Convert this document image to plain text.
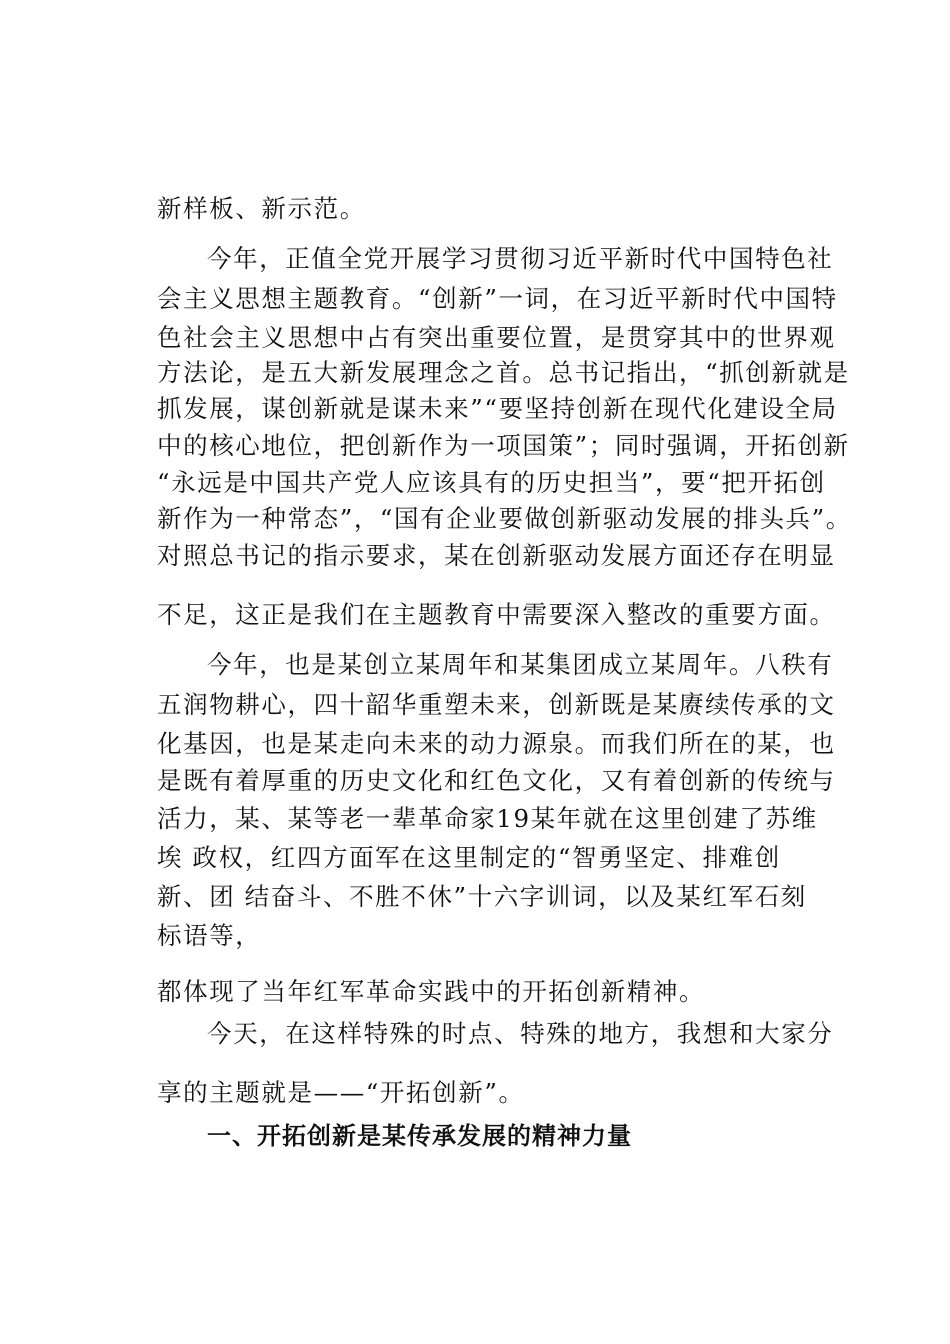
新样板、新示范。
今年，正值全党开展学习贯彻习近平新时代中国特色社
会主义思想主题教育。“创新”一词，在习近平新时代中国特
色社会主义思想中占有突出重要位置，是贯穿其中的世界观
方法论，是五大新发展理念之首。总书记指出，“抓创新就是
抓发展，谋创新就是谋未来”“要坚持创新在现代化建设全局
中的核心地位，把创新作为一项国策”；同时强调，开拓创新
“永远是中国共产党人应该具有的历史担当”，要“把开拓创
新作为一种常态”，“国有企业要做创新驱动发展的排头兵”。
对照总书记的指示要求，某在创新驱动发展方面还存在明显
不足，这正是我们在主题教育中需要深入整改的重要方面。
今年，也是某创立某周年和某集团成立某周年。八秩有
五润物耕心，四十韶华重塑未来，创新既是某赓续传承的文
化基因，也是某走向未来的动力源泉。而我们所在的某，也
是既有着厚重的历史文化和红色文化，又有着创新的传统与
活力，某、某等老一辈革命家19某年就在这里创建了苏维
埃 政权，红四方面军在这里制定的“智勇坚定、排难创
新、团 结奋斗、不胜不休”十六字训词，以及某红军石刻
标语等，
都体现了当年红军革命实践中的开拓创新精神。
今天，在这样特殊的时点、特殊的地方，我想和大家分
享的主题就是——“开拓创新”。
一、开拓创新是某传承发展的精神力量
